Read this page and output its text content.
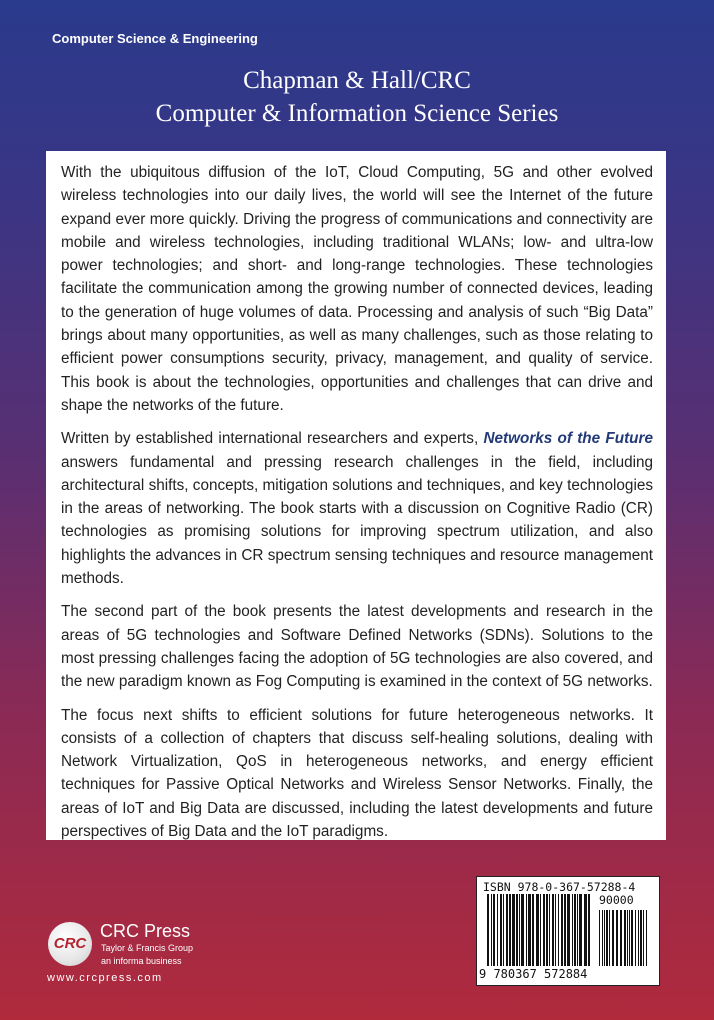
Computer Science & Engineering
Chapman & Hall/CRC
Computer & Information Science Series

With the ubiquitous diffusion of the IoT, Cloud Computing, 5G and other evolved wireless technologies into our daily lives, the world will see the Internet of the future expand ever more quickly. Driving the progress of communications and connectivity are mobile and wireless technologies, including traditional WLANs; low- and ultra-low power technologies; and short- and long-range technologies. These technologies facilitate the communication among the growing number of connected devices, leading to the generation of huge volumes of data. Processing and analysis of such “Big Data” brings about many opportunities, as well as many challenges, such as those relating to efficient power consumptions security, privacy, management, and quality of service. This book is about the technologies, opportunities and challenges that can drive and shape the networks of the future.

Written by established international researchers and experts, Networks of the Future answers fundamental and pressing research challenges in the field, including architectural shifts, concepts, mitigation solutions and techniques, and key technologies in the areas of networking. The book starts with a discussion on Cognitive Radio (CR) technologies as promising solutions for improving spectrum utilization, and also highlights the advances in CR spectrum sensing techniques and resource management methods.

The second part of the book presents the latest developments and research in the areas of 5G technologies and Software Defined Networks (SDNs). Solutions to the most pressing challenges facing the adoption of 5G technologies are also covered, and the new paradigm known as Fog Computing is examined in the context of 5G networks.

The focus next shifts to efficient solutions for future heterogeneous networks. It consists of a collection of chapters that discuss self-healing solutions, dealing with Network Virtualization, QoS in heterogeneous networks, and energy efficient techniques for Passive Optical Networks and Wireless Sensor Networks. Finally, the areas of IoT and Big Data are discussed, including the latest developments and future perspectives of Big Data and the IoT paradigms.

CRC
CRC Press
Taylor & Francis Group
an informa business
www.crcpress.com
ISBN 978-0-367-57288-4
90000
9 780367 572884
